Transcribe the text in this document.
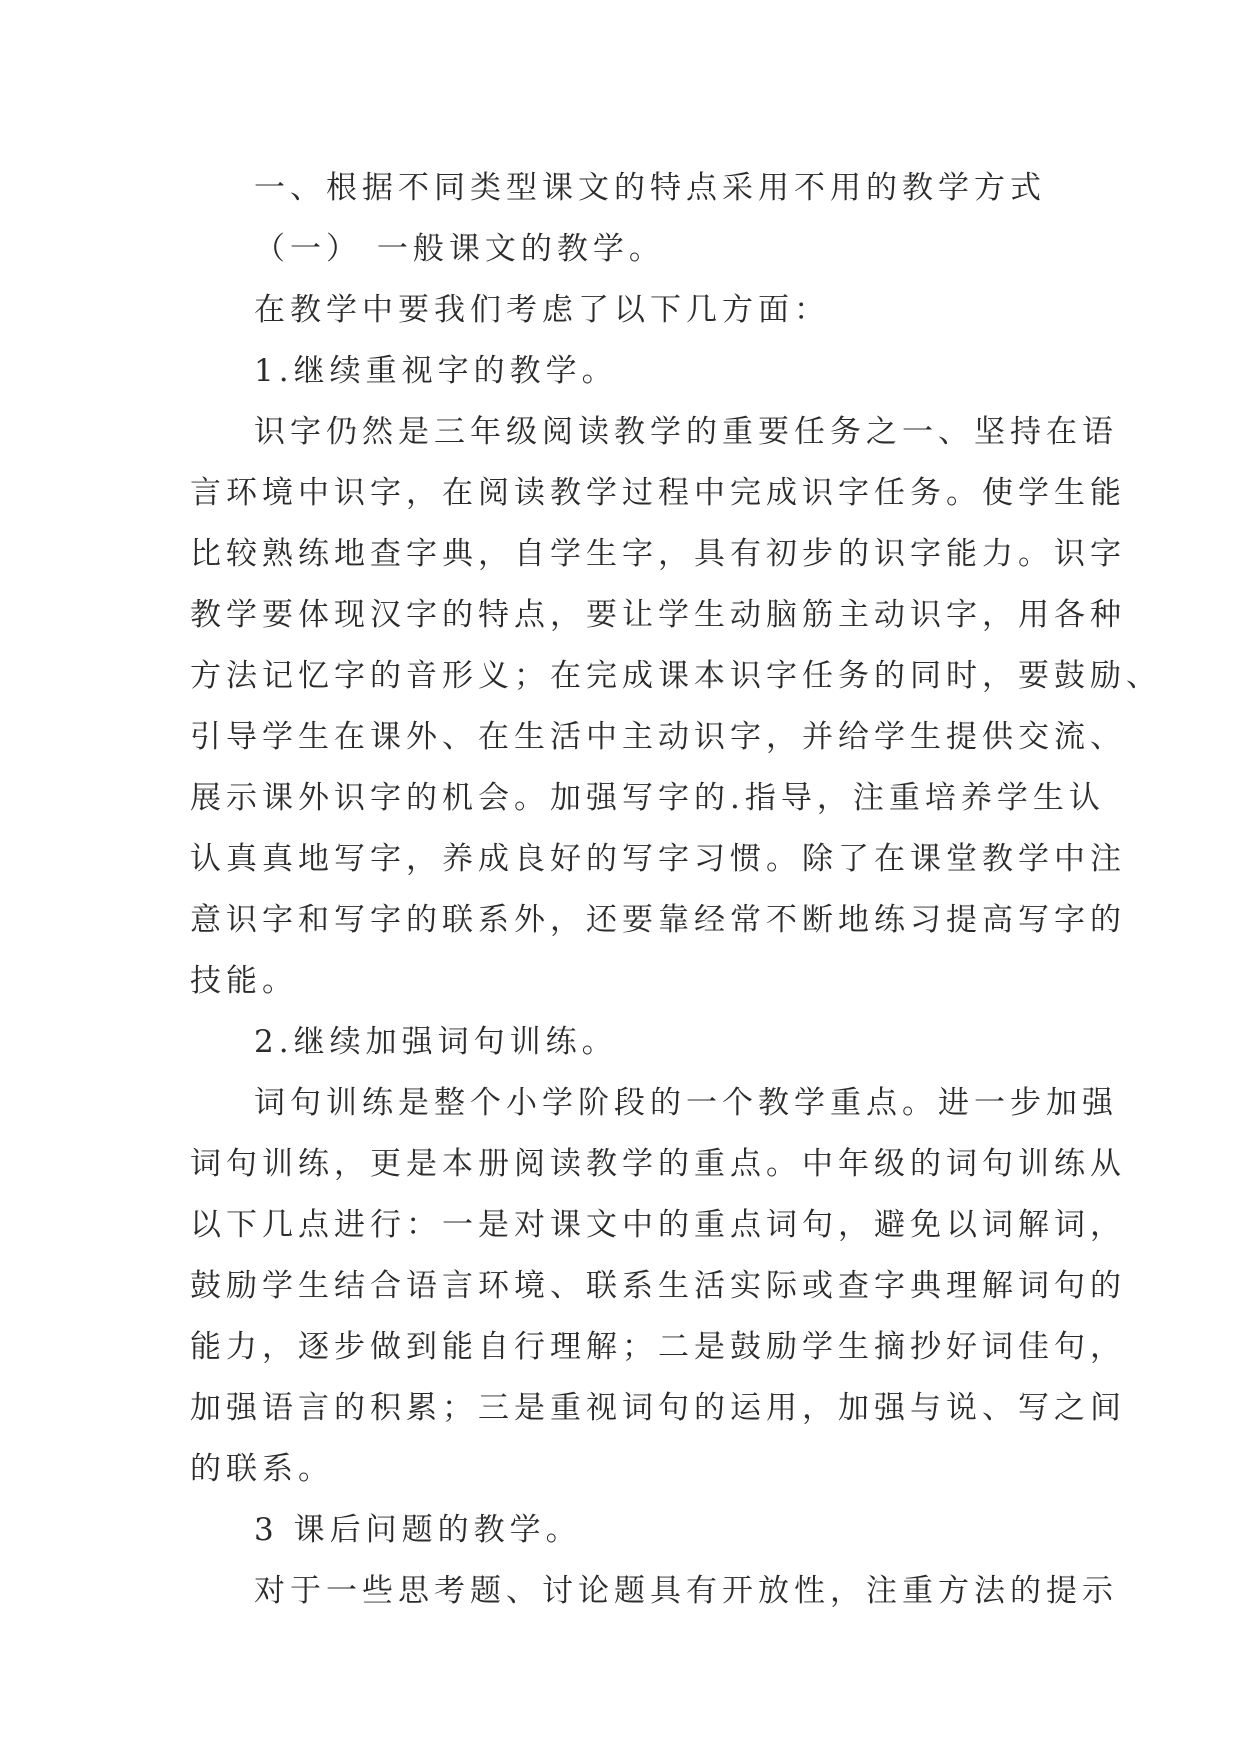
一、根据不同类型课文的特点采用不用的教学方式
（一） 一般课文的教学。
在教学中要我们考虑了以下几方面：
1.继续重视字的教学。
识字仍然是三年级阅读教学的重要任务之一、坚持在语
言环境中识字，在阅读教学过程中完成识字任务。使学生能
比较熟练地查字典，自学生字，具有初步的识字能力。识字
教学要体现汉字的特点，要让学生动脑筋主动识字，用各种
方法记忆字的音形义；在完成课本识字任务的同时，要鼓励、
引导学生在课外、在生活中主动识字，并给学生提供交流、
展示课外识字的机会。加强写字的.指导，注重培养学生认
认真真地写字，养成良好的写字习惯。除了在课堂教学中注
意识字和写字的联系外，还要靠经常不断地练习提高写字的
技能。
2.继续加强词句训练。
词句训练是整个小学阶段的一个教学重点。进一步加强
词句训练，更是本册阅读教学的重点。中年级的词句训练从
以下几点进行：一是对课文中的重点词句，避免以词解词，
鼓励学生结合语言环境、联系生活实际或查字典理解词句的
能力，逐步做到能自行理解；二是鼓励学生摘抄好词佳句，
加强语言的积累；三是重视词句的运用，加强与说、写之间
的联系。
3 课后问题的教学。
对于一些思考题、讨论题具有开放性，注重方法的提示
